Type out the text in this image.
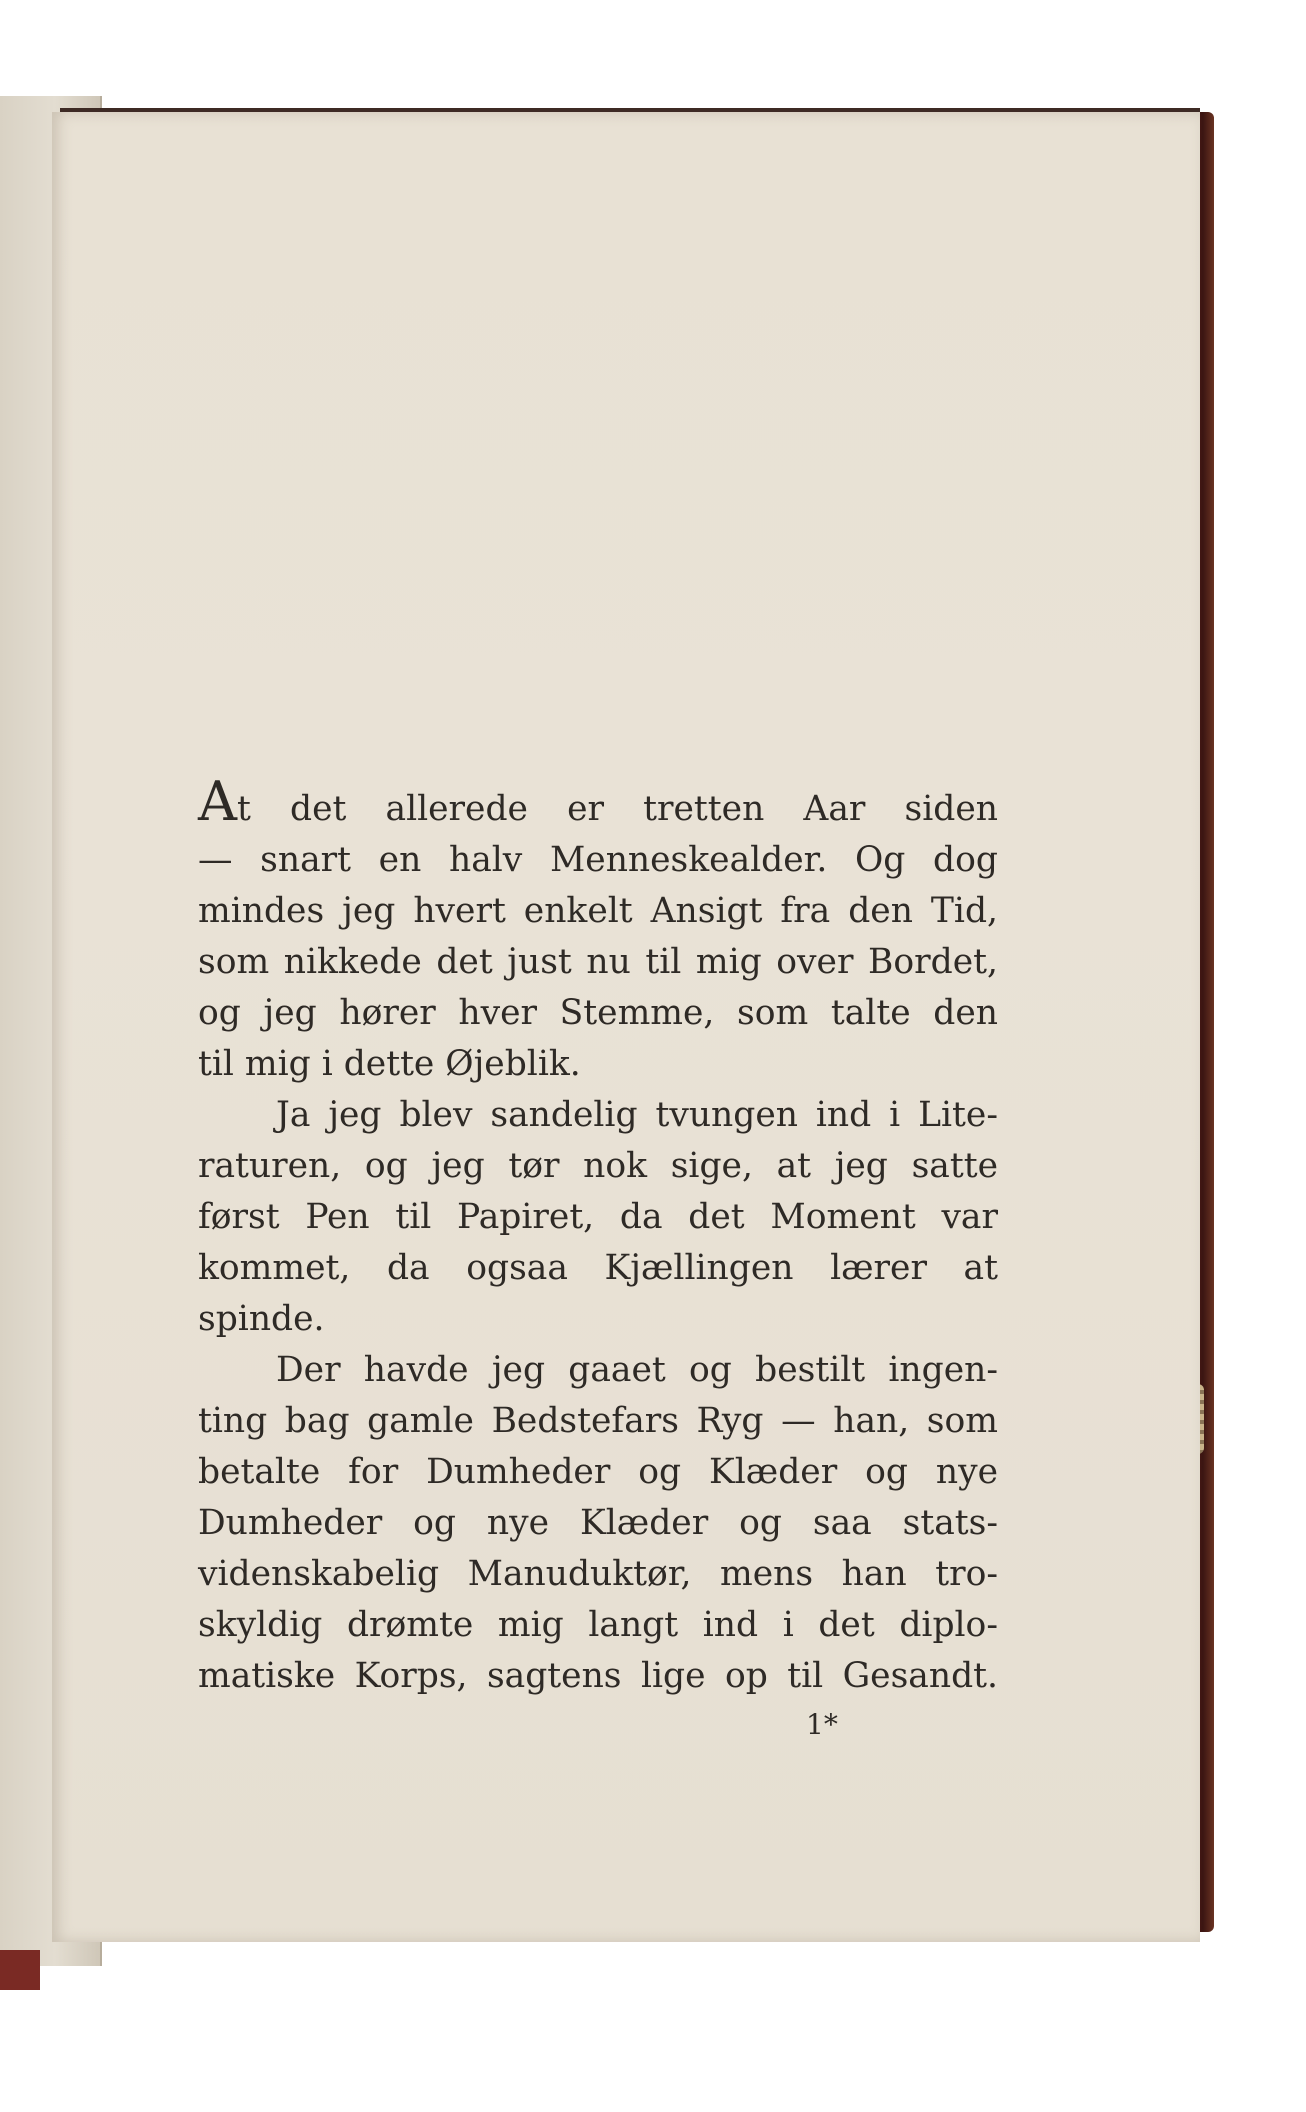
At det allerede er tretten Aar siden
— snart en halv Menneskealder. Og dog
mindes jeg hvert enkelt Ansigt fra den Tid,
som nikkede det just nu til mig over Bordet,
og jeg hører hver Stemme, som talte den
til mig i dette Øjeblik.

Ja jeg blev sandelig tvungen ind i Lite-
raturen, og jeg tør nok sige, at jeg satte
først Pen til Papiret, da det Moment var
kommet, da ogsaa Kjællingen lærer at
spinde.

Der havde jeg gaaet og bestilt ingen-
ting bag gamle Bedstefars Ryg — han, som
betalte for Dumheder og Klæder og nye
Dumheder og nye Klæder og saa stats-
videnskabelig Manuduktør, mens han tro-
skyldig drømte mig langt ind i det diplo-
matiske Korps, sagtens lige op til Gesandt.

1*
